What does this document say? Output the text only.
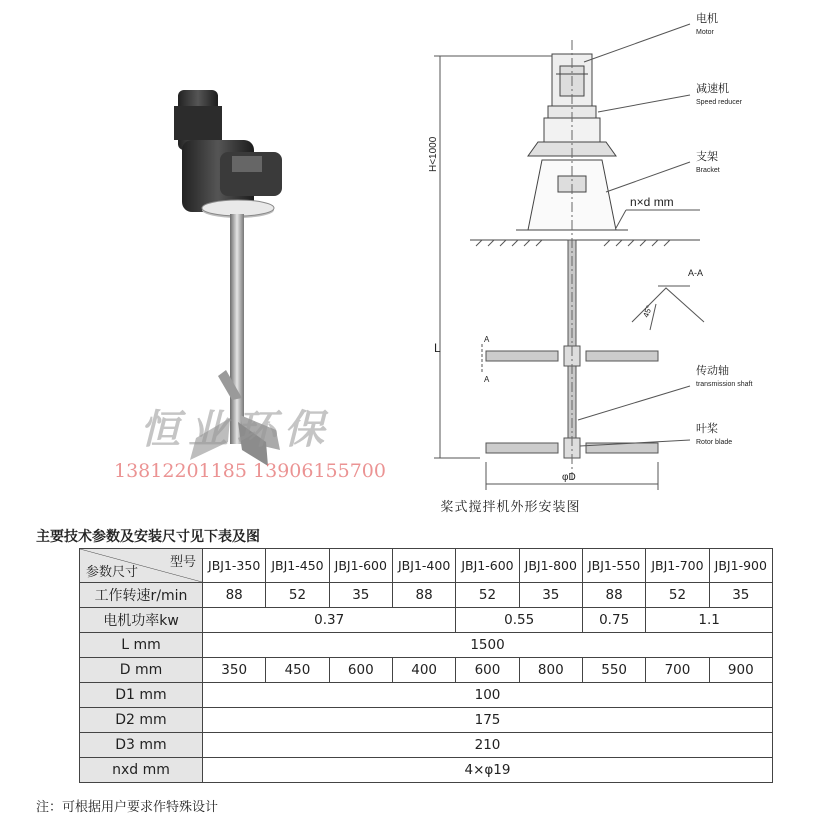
恒业环保
13812201185 13906155700
电机
Motor
减速机
Speed reducer
支架
Bracket
n×d mm
H<1000
L
A-A
45°
A
A
传动轴
transmission shaft
叶桨
Rotor blade
φD
桨式搅拌机外形安装图
主要技术参数及安装尺寸见下表及图
型号
参数尺寸	JBJ1-350	JBJ1-450	JBJ1-600	JBJ1-400	JBJ1-600	JBJ1-800	JBJ1-550	JBJ1-700	JBJ1-900
工作转速r/min	88	52	35	88	52	35	88	52	35
电机功率kw	0.37				0.55		0.75	1.1	
L mm	1500								
D mm	350	450	600	400	600	800	550	700	900
D1 mm	100								
D2 mm	175								
D3 mm	210								
nxd mm	4×φ19								
注：可根据用户要求作特殊设计
